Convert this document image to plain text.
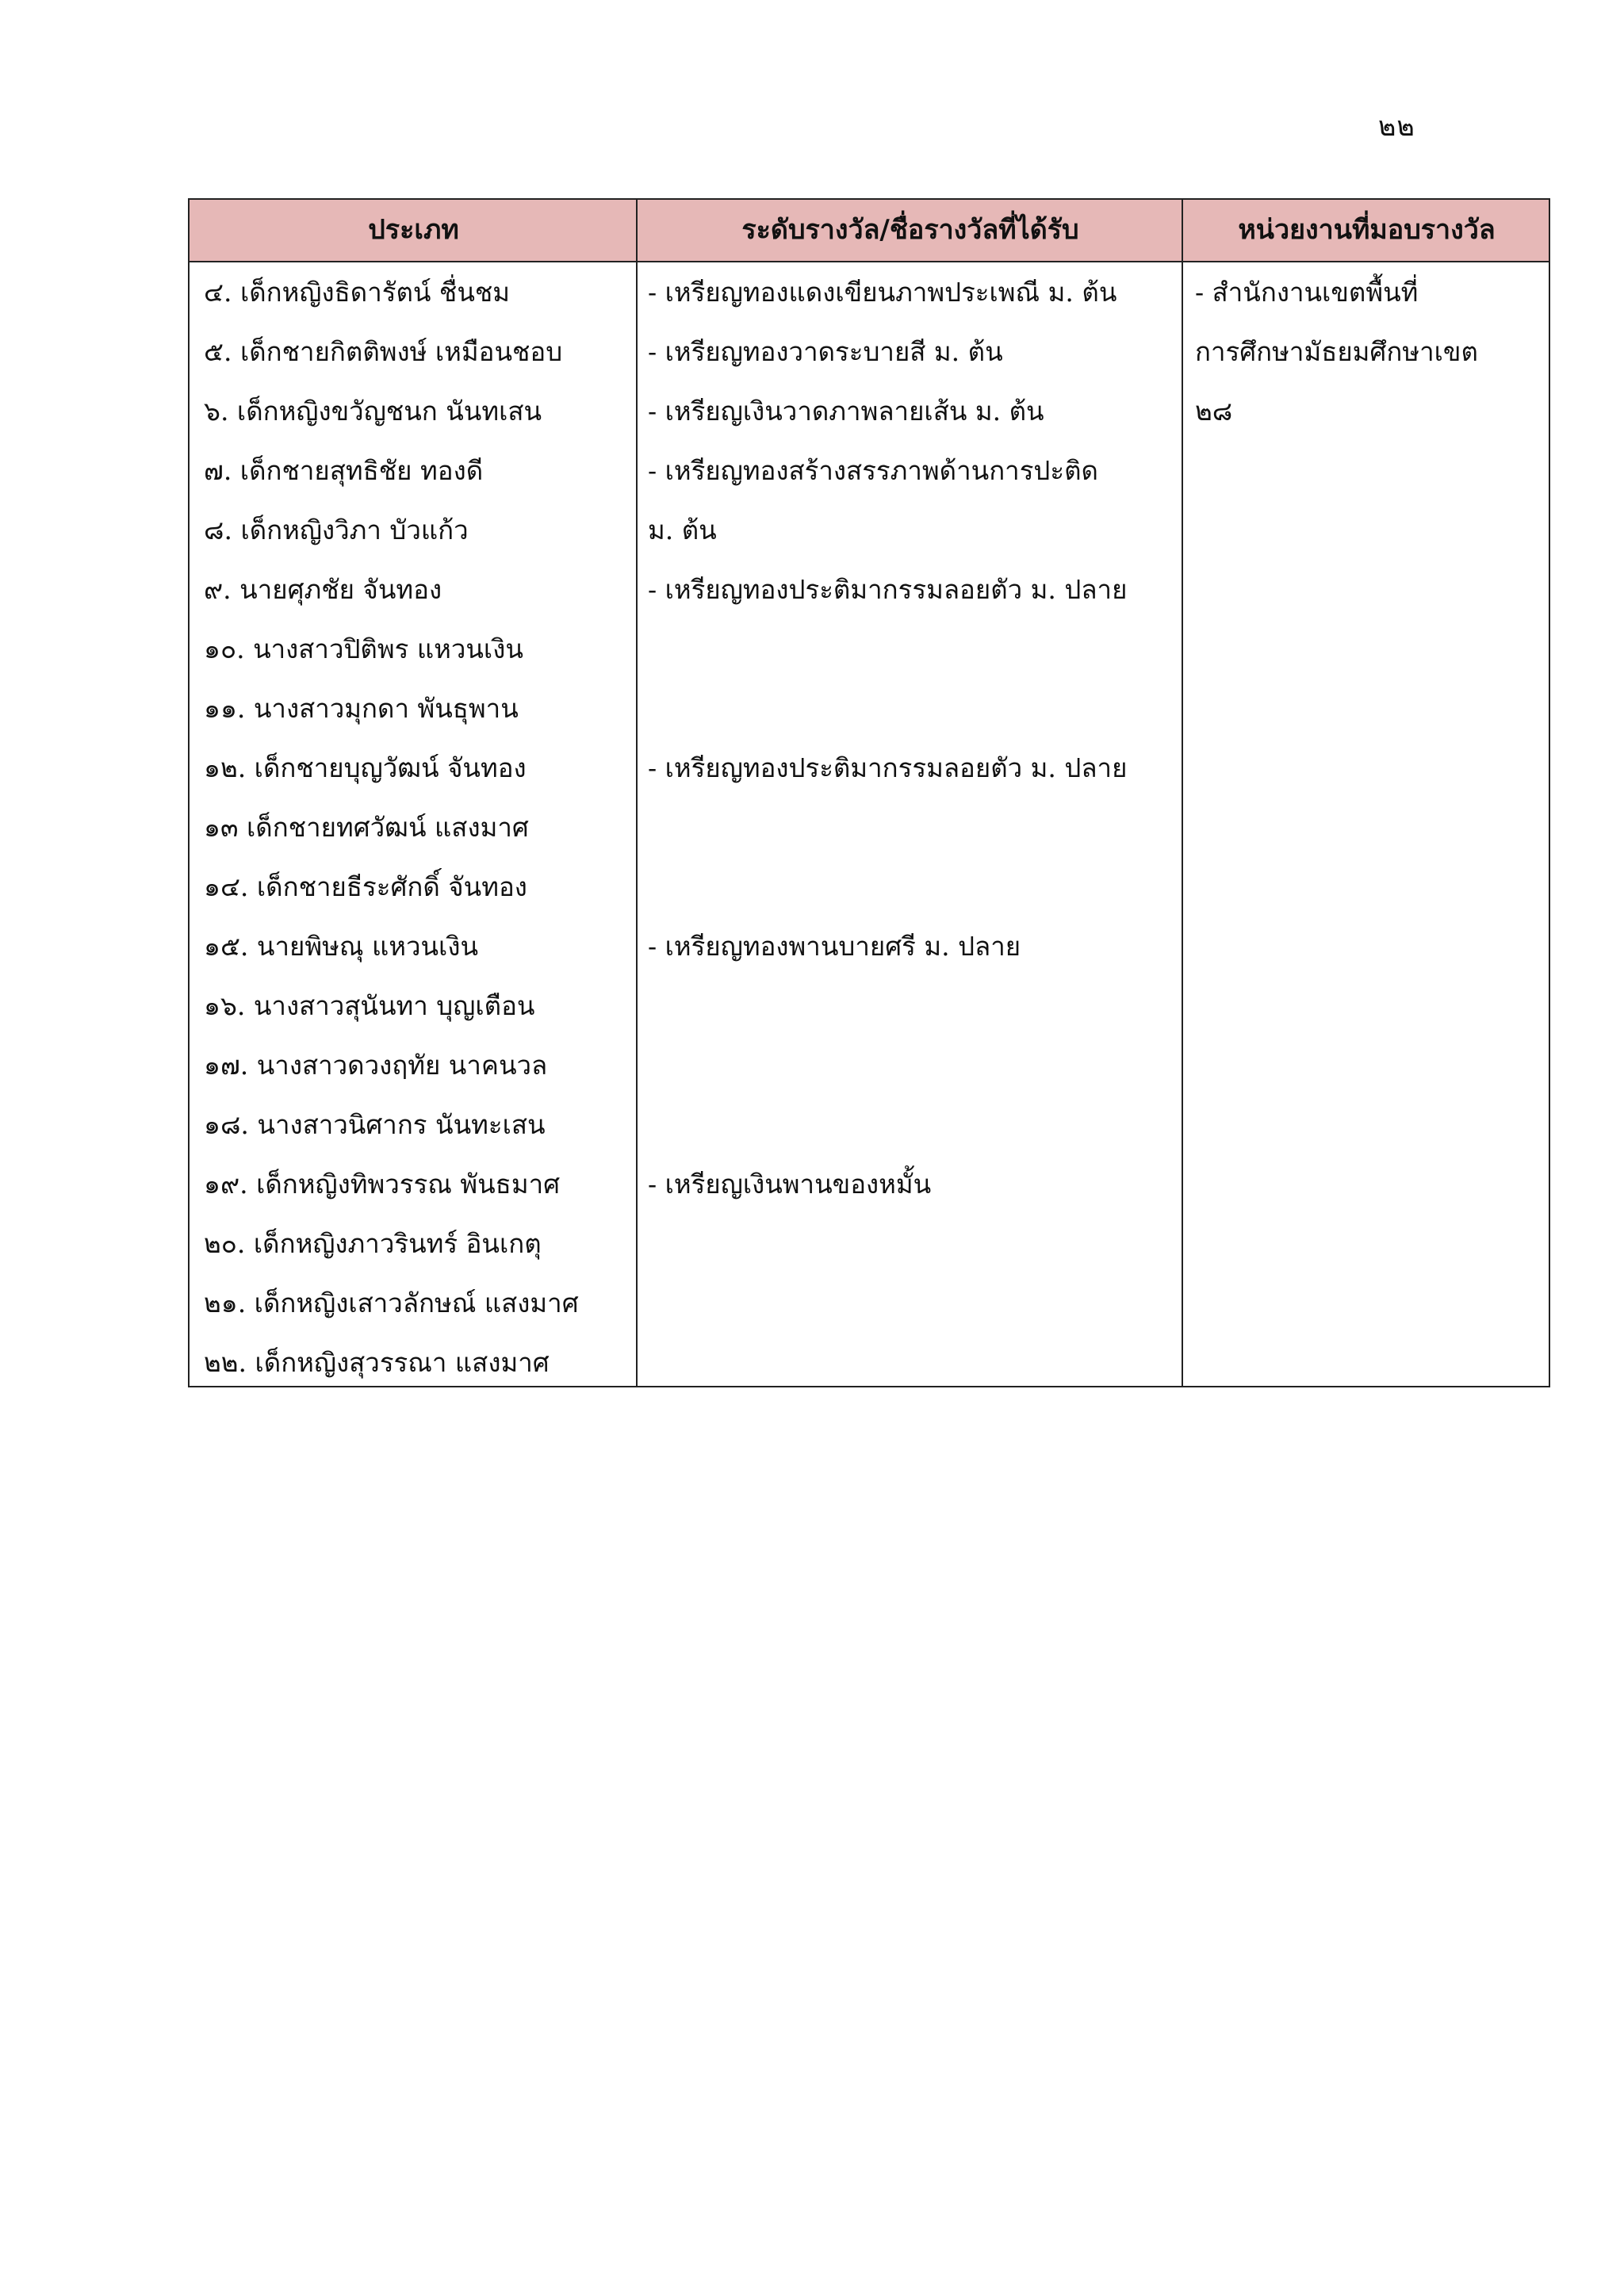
๒๒
ประเภท	ระดับรางวัล/ชื่อรางวัลที่ได้รับ	หน่วยงานที่มอบรางวัล
๔. เด็กหญิงธิดารัตน์ ชื่นชม
๕. เด็กชายกิตติพงษ์ เหมือนชอบ
๖. เด็กหญิงขวัญชนก นันทเสน
๗. เด็กชายสุทธิชัย ทองดี
๘. เด็กหญิงวิภา บัวแก้ว
๙. นายศุภชัย จันทอง
๑๐. นางสาวปิติพร แหวนเงิน
๑๑. นางสาวมุกดา พันธุพาน
๑๒. เด็กชายบุญวัฒน์ จันทอง
๑๓ เด็กชายทศวัฒน์ แสงมาศ
๑๔. เด็กชายธีระศักดิ์ จันทอง
๑๕. นายพิษณุ แหวนเงิน
๑๖. นางสาวสุนันทา บุญเตือน
๑๗. นางสาวดวงฤทัย นาคนวล
๑๘. นางสาวนิศากร นันทะเสน
๑๙. เด็กหญิงทิพวรรณ พันธมาศ
๒๐. เด็กหญิงภาวรินทร์ อินเกตุ
๒๑. เด็กหญิงเสาวลักษณ์ แสงมาศ
๒๒. เด็กหญิงสุวรรณา แสงมาศ
- เหรียญทองแดงเขียนภาพประเพณี ม. ต้น
- เหรียญทองวาดระบายสี ม. ต้น
- เหรียญเงินวาดภาพลายเส้น ม. ต้น
- เหรียญทองสร้างสรรภาพด้านการปะติด
ม. ต้น
- เหรียญทองประติมากรรมลอยตัว ม. ปลาย
- เหรียญทองประติมากรรมลอยตัว ม. ปลาย
- เหรียญทองพานบายศรี ม. ปลาย
- เหรียญเงินพานของหมั้น
- สำนักงานเขตพื้นที่
การศึกษามัธยมศึกษาเขต
๒๘
